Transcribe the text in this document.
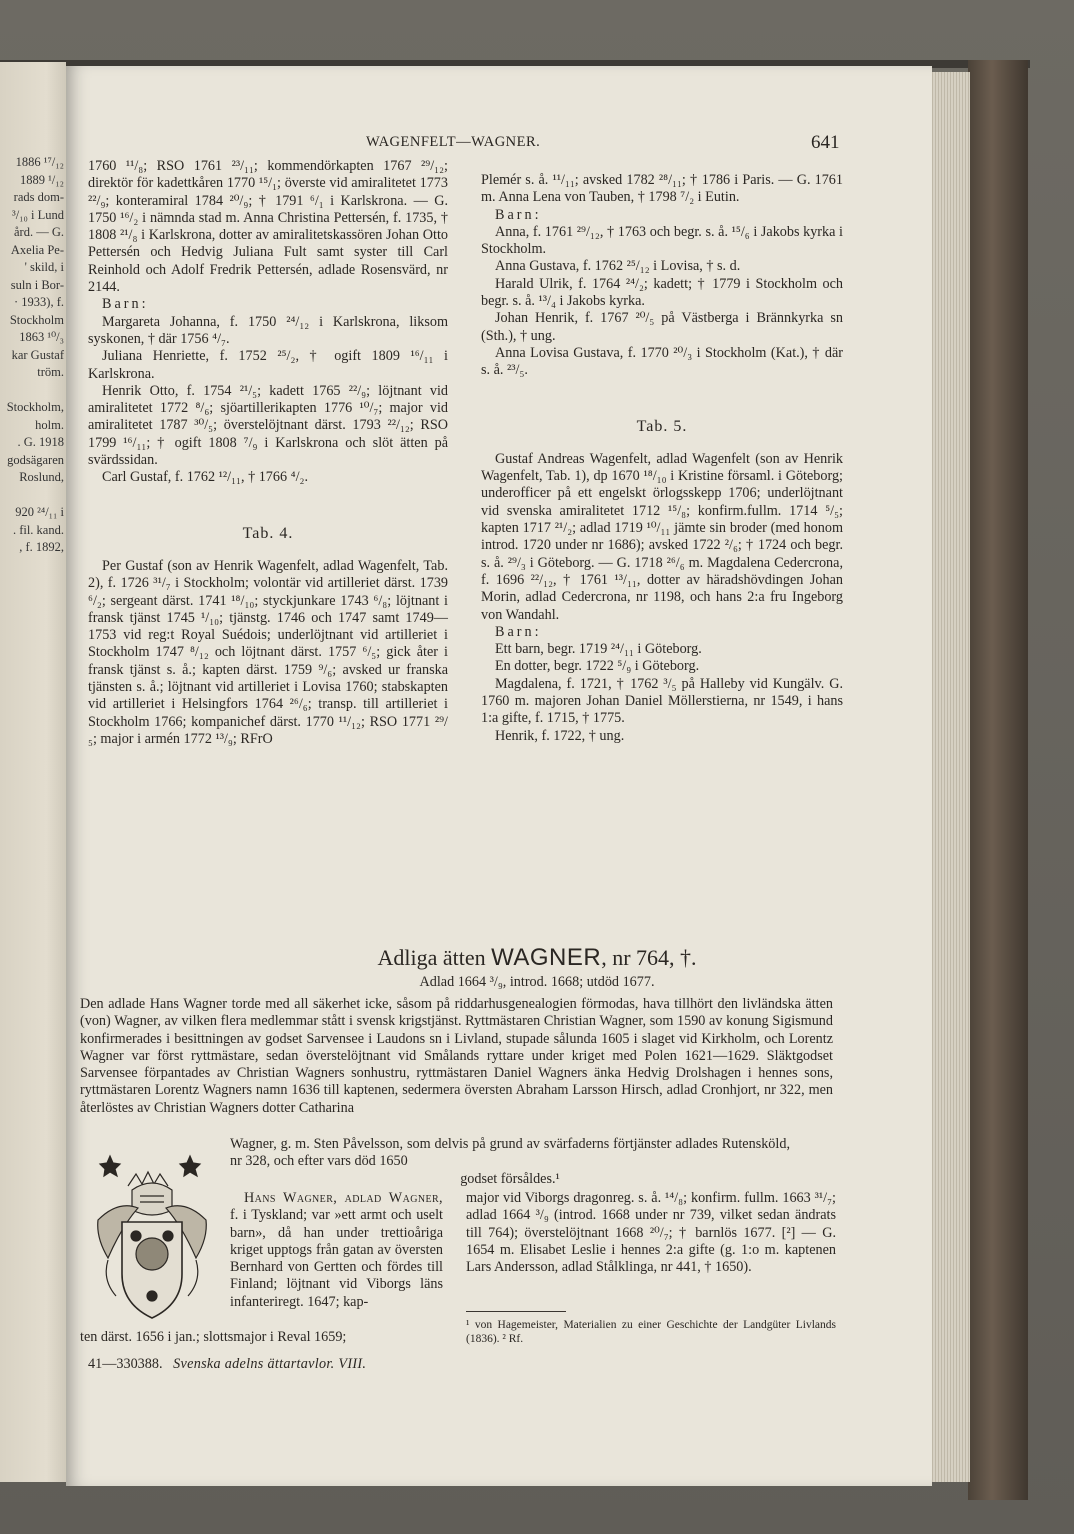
1886 ¹⁷/₁₂
1889 ¹/₁₂
rads dom-
³/₁₀ i Lund
ård. — G.
Axelia Pe-
' skild, i
suln i Bor-
· 1933), f.
Stockholm
1863 ¹⁰/₃
kar Gustaf
tröm.
Stockholm,
holm.
. G. 1918
godsägaren
Roslund,
920 ²⁴/₁₁ i
. fil. kand.
, f. 1892,
WAGENFELT—WAGNER.	641

1760 ¹¹/₈; RSO 1761 ²³/₁₁; kommendörkapten 1767 ²⁹/₁₂; direktör för kadettkåren 1770 ¹⁵/₁; överste vid amiralitetet 1773 ²²/₉; konteramiral 1784 ²⁰/₉; † 1791 ⁶/₁ i Karlskrona. — G. 1750 ¹⁶/₂ i nämnda stad m. Anna Christina Pettersén, f. 1735, † 1808 ²¹/₈ i Karlskrona, dotter av amiralitetskassören Johan Otto Pettersén och Hedvig Juliana Fult samt syster till Carl Reinhold och Adolf Fredrik Pettersén, adlade Rosensvärd, nr 2144.

Barn:

Margareta Johanna, f. 1750 ²⁴/₁₂ i Karlskrona, liksom syskonen, † där 1756 ⁴/₇.

Juliana Henriette, f. 1752 ²⁵/₂, † ogift 1809 ¹⁶/₁₁ i Karlskrona.

Henrik Otto, f. 1754 ²¹/₅; kadett 1765 ²²/₉; löjtnant vid amiralitetet 1772 ⁸/₆; sjöartillerikapten 1776 ¹⁰/₇; major vid amiralitetet 1787 ³⁰/₅; överstelöjtnant därst. 1793 ²²/₁₂; RSO 1799 ¹⁶/₁₁; † ogift 1808 ⁷/₉ i Karlskrona och slöt ätten på svärdssidan.

Carl Gustaf, f. 1762 ¹²/₁₁, † 1766 ⁴/₂.

Tab. 4.

Per Gustaf (son av Henrik Wagenfelt, adlad Wagenfelt, Tab. 2), f. 1726 ³¹/₇ i Stockholm; volontär vid artilleriet därst. 1739 ⁶/₂; sergeant därst. 1741 ¹⁸/₁₀; styckjunkare 1743 ⁶/₈; löjtnant i fransk tjänst 1745 ¹/₁₀; tjänstg. 1746 och 1747 samt 1749—1753 vid reg:t Royal Suédois; underlöjtnant vid artilleriet i Stockholm 1747 ⁸/₁₂ och löjtnant därst. 1757 ⁶/₅; gick åter i fransk tjänst s. å.; kapten därst. 1759 ⁹/₆; avsked ur franska tjänsten s. å.; löjtnant vid artilleriet i Lovisa 1760; stabskapten vid artilleriet i Helsingfors 1764 ²⁶/₆; transp. till artilleriet i Stockholm 1766; kompanichef därst. 1770 ¹¹/₁₂; RSO 1771 ²⁹/₅; major i armén 1772 ¹³/₉; RFrO

Plemér s. å. ¹¹/₁₁; avsked 1782 ²⁸/₁₁; † 1786 i Paris. — G. 1761 m. Anna Lena von Tauben, † 1798 ⁷/₂ i Eutin.

Barn:

Anna, f. 1761 ²⁹/₁₂, † 1763 och begr. s. å. ¹⁵/₆ i Jakobs kyrka i Stockholm.

Anna Gustava, f. 1762 ²⁵/₁₂ i Lovisa, † s. d.

Harald Ulrik, f. 1764 ²⁴/₂; kadett; † 1779 i Stockholm och begr. s. å. ¹³/₄ i Jakobs kyrka.

Johan Henrik, f. 1767 ²⁰/₅ på Västberga i Brännkyrka sn (Sth.), † ung.

Anna Lovisa Gustava, f. 1770 ²⁰/₃ i Stockholm (Kat.), † där s. å. ²³/₅.

Tab. 5.

Gustaf Andreas Wagenfelt, adlad Wagenfelt (son av Henrik Wagenfelt, Tab. 1), dp 1670 ¹⁸/₁₀ i Kristine församl. i Göteborg; underofficer på ett engelskt örlogsskepp 1706; underlöjtnant vid svenska amiralitetet 1712 ¹⁵/₈; konfirm.fullm. 1714 ⁵/₅; kapten 1717 ²¹/₂; adlad 1719 ¹⁰/₁₁ jämte sin broder (med honom introd. 1720 under nr 1686); avsked 1722 ²/₆; † 1724 och begr. s. å. ²⁹/₃ i Göteborg. — G. 1718 ²⁶/₆ m. Magdalena Cedercrona, f. 1696 ²²/₁₂, † 1761 ¹³/₁₁, dotter av häradshövdingen Johan Morin, adlad Cedercrona, nr 1198, och hans 2:a fru Ingeborg von Wandahl.

Barn:

Ett barn, begr. 1719 ²⁴/₁₁ i Göteborg.

En dotter, begr. 1722 ⁵/₉ i Göteborg.

Magdalena, f. 1721, † 1762 ³/₅ på Halleby vid Kungälv. G. 1760 m. majoren Johan Daniel Möllerstierna, nr 1549, i hans 1:a gifte, f. 1715, † 1775.

Henrik, f. 1722, † ung.

Adliga ätten WAGNER, nr 764, †.
Adlad 1664 ³/₉, introd. 1668; utdöd 1677.
Den adlade Hans Wagner torde med all säkerhet icke, såsom på riddarhusgenealogien förmodas, hava tillhört den livländska ätten (von) Wagner, av vilken flera medlemmar stått i svensk krigstjänst. Ryttmästaren Christian Wagner, som 1590 av konung Sigismund konfirmerades i besittningen av godset Sarvensee i Laudons sn i Livland, stupade sålunda 1605 i slaget vid Kirkholm, och Lorentz Wagner var först ryttmästare, sedan överstelöjtnant vid Smålands ryttare under kriget med Polen 1621—1629. Släktgodset Sarvensee förpantades av Christian Wagners sonhustru, ryttmästaren Daniel Wagners änka Hedvig Drolshagen i hennes sons, ryttmästaren Lorentz Wagners namn 1636 till kaptenen, sedermera översten Abraham Larsson Hirsch, adlad Cronhjort, nr 322, men återlöstes av Christian Wagners dotter Catharina
Wagner, g. m. Sten Påvelsson, som delvis på grund av svärfaderns förtjänster adlades Rutensköld, nr 328, och efter vars död 1650
godset försåldes.¹

Hans Wagner, adlad Wagner, f. i Tyskland; var »ett armt och uselt barn», då han under trettioåriga kriget upptogs från gatan av översten Bernhard von Gertten och fördes till Finland; löjtnant vid Viborgs läns infanteriregt. 1647; kap-

ten därst. 1656 i jan.; slottsmajor i Reval 1659;

major vid Viborgs dragonreg. s. å. ¹⁴/₈; konfirm. fullm. 1663 ³¹/₇; adlad 1664 ³/₉ (introd. 1668 under nr 739, vilket sedan ändrats till 764); överstelöjtnant 1668 ²⁰/₇; † barnlös 1677. [²] — G. 1654 m. Elisabet Leslie i hennes 2:a gifte (g. 1:o m. kaptenen Lars Andersson, adlad Stålklinga, nr 441, † 1650).

¹ von Hagemeister, Materialien zu einer Geschichte der Landgüter Livlands (1836). ² Rf.
41—330388. Svenska adelns ättartavlor. VIII.
